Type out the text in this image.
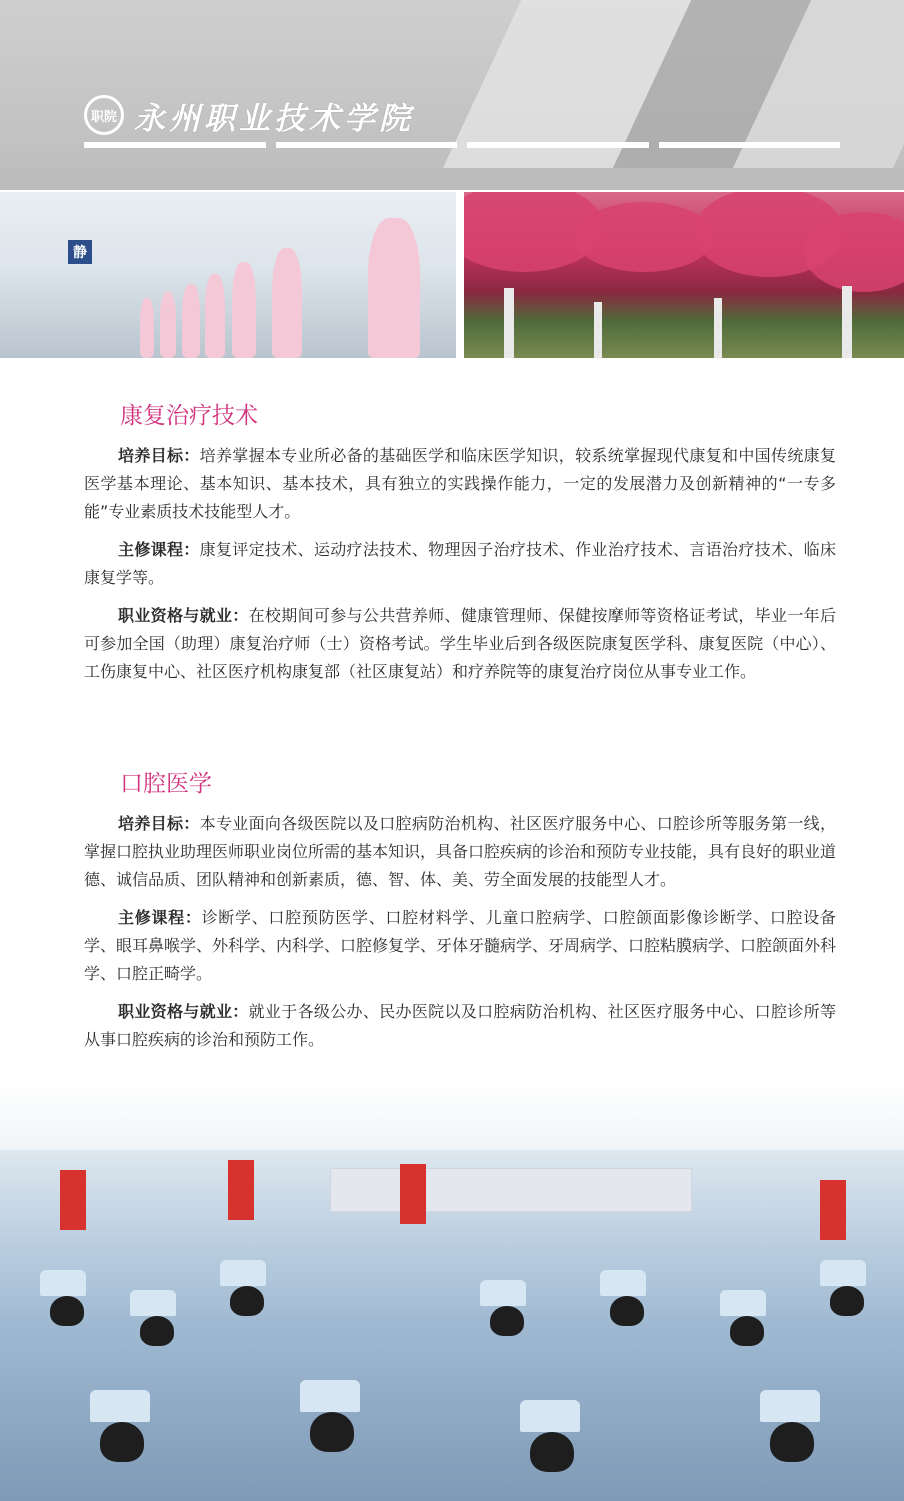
职院 永州职业技术学院
静
康复治疗技术

培养目标：培养掌握本专业所必备的基础医学和临床医学知识，较系统掌握现代康复和中国传统康复医学基本理论、基本知识、基本技术，具有独立的实践操作能力，一定的发展潜力及创新精神的“一专多能”专业素质技术技能型人才。

主修课程：康复评定技术、运动疗法技术、物理因子治疗技术、作业治疗技术、言语治疗技术、临床康复学等。

职业资格与就业：在校期间可参与公共营养师、健康管理师、保健按摩师等资格证考试，毕业一年后可参加全国（助理）康复治疗师（士）资格考试。学生毕业后到各级医院康复医学科、康复医院（中心）、工伤康复中心、社区医疗机构康复部（社区康复站）和疗养院等的康复治疗岗位从事专业工作。

口腔医学

培养目标：本专业面向各级医院以及口腔病防治机构、社区医疗服务中心、口腔诊所等服务第一线，掌握口腔执业助理医师职业岗位所需的基本知识，具备口腔疾病的诊治和预防专业技能，具有良好的职业道德、诚信品质、团队精神和创新素质，德、智、体、美、劳全面发展的技能型人才。

主修课程：诊断学、口腔预防医学、口腔材料学、儿童口腔病学、口腔颌面影像诊断学、口腔设备学、眼耳鼻喉学、外科学、内科学、口腔修复学、牙体牙髓病学、牙周病学、口腔粘膜病学、口腔颌面外科学、口腔正畸学。

职业资格与就业：就业于各级公办、民办医院以及口腔病防治机构、社区医疗服务中心、口腔诊所等从事口腔疾病的诊治和预防工作。
